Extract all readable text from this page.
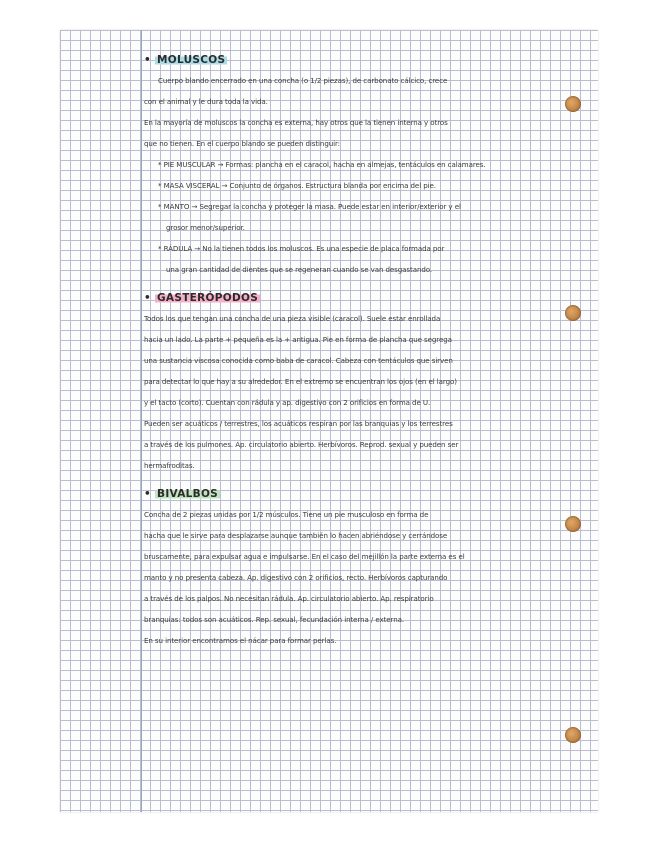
• MOLUSCOS
Cuerpo blando encerrado en una concha (o 1/2 piezas), de carbonato cálcico, crece
con el animal y le dura toda la vida.
En la mayoría de moluscos la concha es externa, hay otros que la tienen interna y otros
que no tienen. En el cuerpo blando se pueden distinguir:
* PIE MUSCULAR → Formas: plancha en el caracol, hacha en almejas, tentáculos en calamares.
* MASA VISCERAL → Conjunto de órganos. Estructura blanda por encima del pie.
* MANTO → Segregar la concha y proteger la masa. Puede estar en interior/exterior y el
grosor menor/superior.
* RÁDULA → No la tienen todos los moluscos. Es una especie de placa formada por
una gran cantidad de dientes que se regeneran cuando se van desgastando.
• GASTERÓPODOS
Todos los que tengan una concha de una pieza visible (caracol). Suele estar enrollada
hacia un lado. La parte + pequeña es la + antigua. Pie en forma de plancha que segrega
una sustancia viscosa conocida como baba de caracol. Cabeza con tentáculos que sirven
para detectar lo que hay a su alrededor. En el extremo se encuentran los ojos (en el largo)
y el tacto (corto). Cuentan con rádula y ap. digestivo con 2 orificios en forma de U.
Pueden ser acuáticos / terrestres, los acuáticos respiran por las branquias y los terrestres
a través de los pulmones. Ap. circulatorio abierto. Herbívoros. Reprod. sexual y pueden ser
hermafroditas.
• BIVALBOS
Concha de 2 piezas unidas por 1/2 músculos. Tiene un pie musculoso en forma de
hacha que le sirve para desplazarse aunque también lo hacen abriéndose y cerrándose
bruscamente, para expulsar agua e impulsarse. En el caso del mejillón la parte externa es el
manto y no presenta cabeza. Ap. digestivo con 2 orificios, recto. Herbívoros capturando
a través de los palpos. No necesitan rádula. Ap. circulatorio abierto. Ap. respiratorio
branquias: todos son acuáticos. Rep. sexual, fecundación interna / externa.
En su interior encontramos el nácar para formar perlas.
